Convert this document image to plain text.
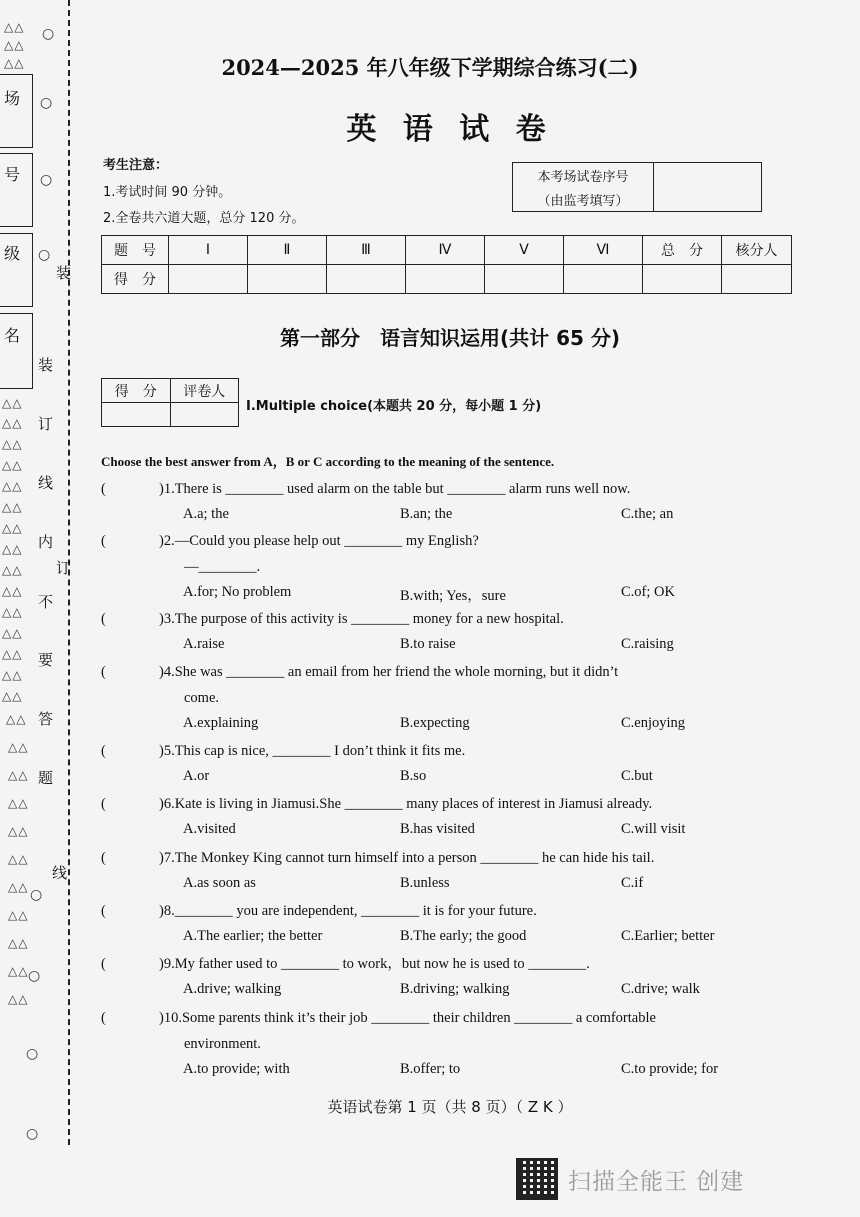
△△
△△
△△
○
场 ○
号 ○
级 ○
名
装
订
线
内
不
要
答
题
装
订
线
○
○
○
○
△△
△△
△△
△△
△△
△△
△△
△△
△△
△△
△△
△△
△△
△△
△△
△△
△△
△△
△△
△△
△△
△△
△△
△△
△△
△△
2024—2025 年八年级下学期综合练习(二)
英 语 试 卷
考生注意：
1.考试时间 90 分钟。
2.全卷共六道大题，总分 120 分。
本考场试卷序号	
（由监考填写）
题　号	Ⅰ	Ⅱ	Ⅲ	Ⅳ	Ⅴ	Ⅵ	总　分	核分人
得　分								
第一部分　语言知识运用(共计 65 分)
得　分	评卷人

Ⅰ.Multiple choice(本题共 20 分，每小题 1 分)
Choose the best answer from A，B or C according to the meaning of the sentence.
(	)1.There is ________ used alarm on the table but ________ alarm runs well now.
A.a; the	B.an; the	C.the; an
(	)2.—Could you please help out ________ my English?
—________.
A.for; No problem	B.with; Yes，sure	C.of; OK
(	)3.The purpose of this activity is ________ money for a new hospital.
A.raise	B.to raise	C.raising
(	)4.She was ________ an email from her friend the whole morning, but it didn’t
come.
A.explaining	B.expecting	C.enjoying
(	)5.This cap is nice, ________ I don’t think it fits me.
A.or	B.so	C.but
(	)6.Kate is living in Jiamusi.She ________ many places of interest in Jiamusi already.
A.visited	B.has visited	C.will visit
(	)7.The Monkey King cannot turn himself into a person ________ he can hide his tail.
A.as soon as	B.unless	C.if
(	)8.________ you are independent, ________ it is for your future.
A.The earlier; the better	B.The early; the good	C.Earlier; better
(	)9.My father used to ________ to work，but now he is used to ________.
A.drive; walking	B.driving; walking	C.drive; walk
(	)10.Some parents think it’s their job ________ their children ________ a comfortable
environment.
A.to provide; with	B.offer; to	C.to provide; for
英语试卷第 1 页（共 8 页）（ Z K ）
扫描全能王 创建
